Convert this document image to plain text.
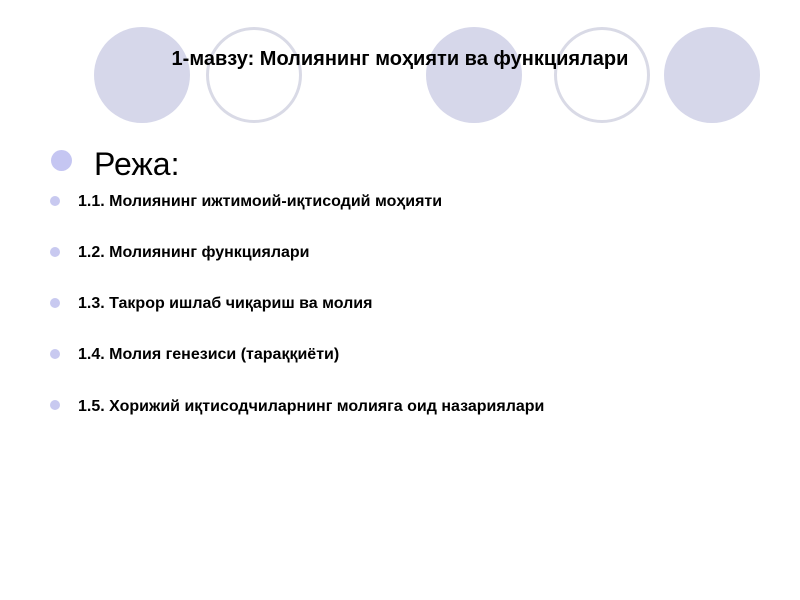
1-мавзу: Молиянинг моҳияти ва функциялари
Режа:
1.1. Молиянинг ижтимоий-иқтисодий моҳияти
1.2. Молиянинг функциялари
1.3. Такрор ишлаб чиқариш ва молия
1.4. Молия генезиси (тараққиёти)
1.5. Хорижий иқтисодчиларнинг молияга оид назариялари
